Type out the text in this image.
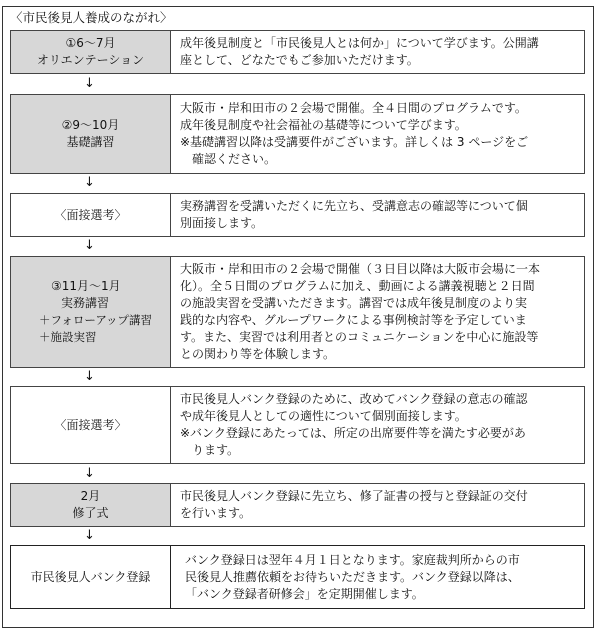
〈市民後見人養成のながれ〉
①6～7月
オリエンテーション
成年後見制度と「市民後見人とは何か」について学びます。公開講
座として、どなたでもご参加いただけます。
↓
②9～10月
基礎講習
大阪市・岸和田市の２会場で開催。全４日間のプログラムです。
成年後見制度や社会福祉の基礎等について学びます。
※基礎講習以降は受講要件がございます。詳しくは 3 ページをご
　確認ください。
↓
〈面接選考〉
実務講習を受講いただくに先立ち、受講意志の確認等について個
別面接します。
↓
③11月～1月
実務講習
＋フォローアップ講習
＋施設実習
大阪市・岸和田市の２会場で開催（３日目以降は大阪市会場に一本
化）。全５日間のプログラムに加え、動画による講義視聴と２日間
の施設実習を受講いただきます。講習では成年後見制度のより実
践的な内容や、グループワークによる事例検討等を予定していま
す。また、実習では利用者とのコミュニケーションを中心に施設等
との関わり等を体験します。
↓
〈面接選考〉
市民後見人バンク登録のために、改めてバンク登録の意志の確認
や成年後見人としての適性について個別面接します。
※バンク登録にあたっては、所定の出席要件等を満たす必要があ
　ります。
↓
2月
修了式
市民後見人バンク登録に先立ち、修了証書の授与と登録証の交付
を行います。
↓
市民後見人バンク登録
バンク登録日は翌年４月１日となります。家庭裁判所からの市
民後見人推薦依頼をお待ちいただきます。バンク登録以降は、
「バンク登録者研修会」を定期開催します。
